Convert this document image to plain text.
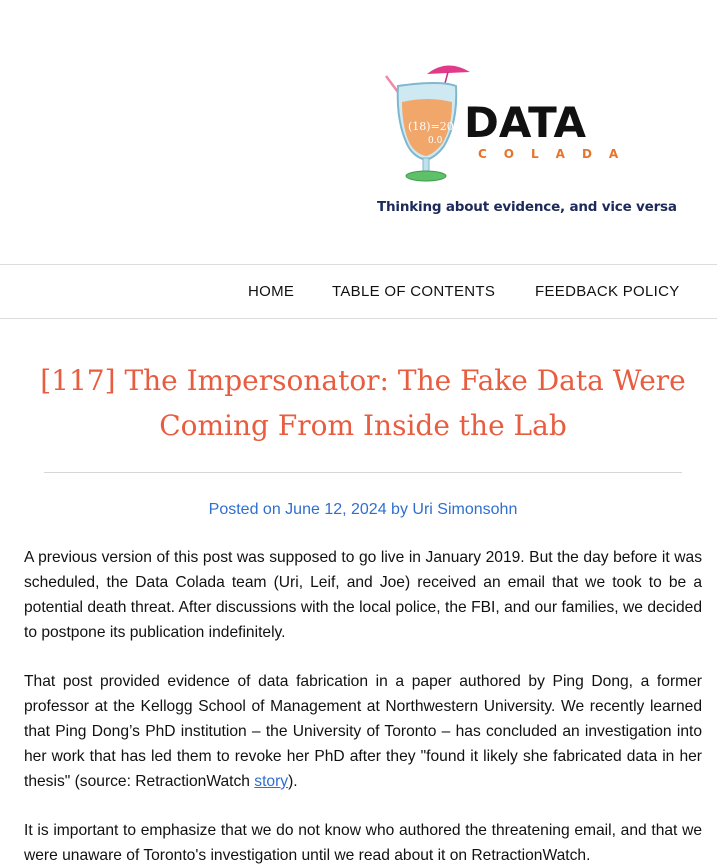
(18)=20
0.0 DATA
COLADA
Thinking about evidence, and vice versa
HOME	TABLE OF CONTENTS	FEEDBACK POLICY
[117] The Impersonator: The Fake Data Were
Coming From Inside the Lab
Posted on June 12, 2024 by Uri Simonsohn

A previous version of this post was supposed to go live in January 2019. But the day before it was scheduled, the Data Colada team (Uri, Leif, and Joe) received an email that we took to be a potential death threat. After discussions with the local police, the FBI, and our families, we decided to postpone its publication indefinitely.

That post provided evidence of data fabrication in a paper authored by Ping Dong, a former professor at the Kellogg School of Management at Northwestern University. We recently learned that Ping Dong’s PhD institution – the University of Toronto – has concluded an investigation into her work that has led them to revoke her PhD after they "found it likely she fabricated data in her thesis" (source: RetractionWatch story).

It is important to emphasize that we do not know who authored the threatening email, and that we were unaware of Toronto's investigation until we read about it on RetractionWatch.
